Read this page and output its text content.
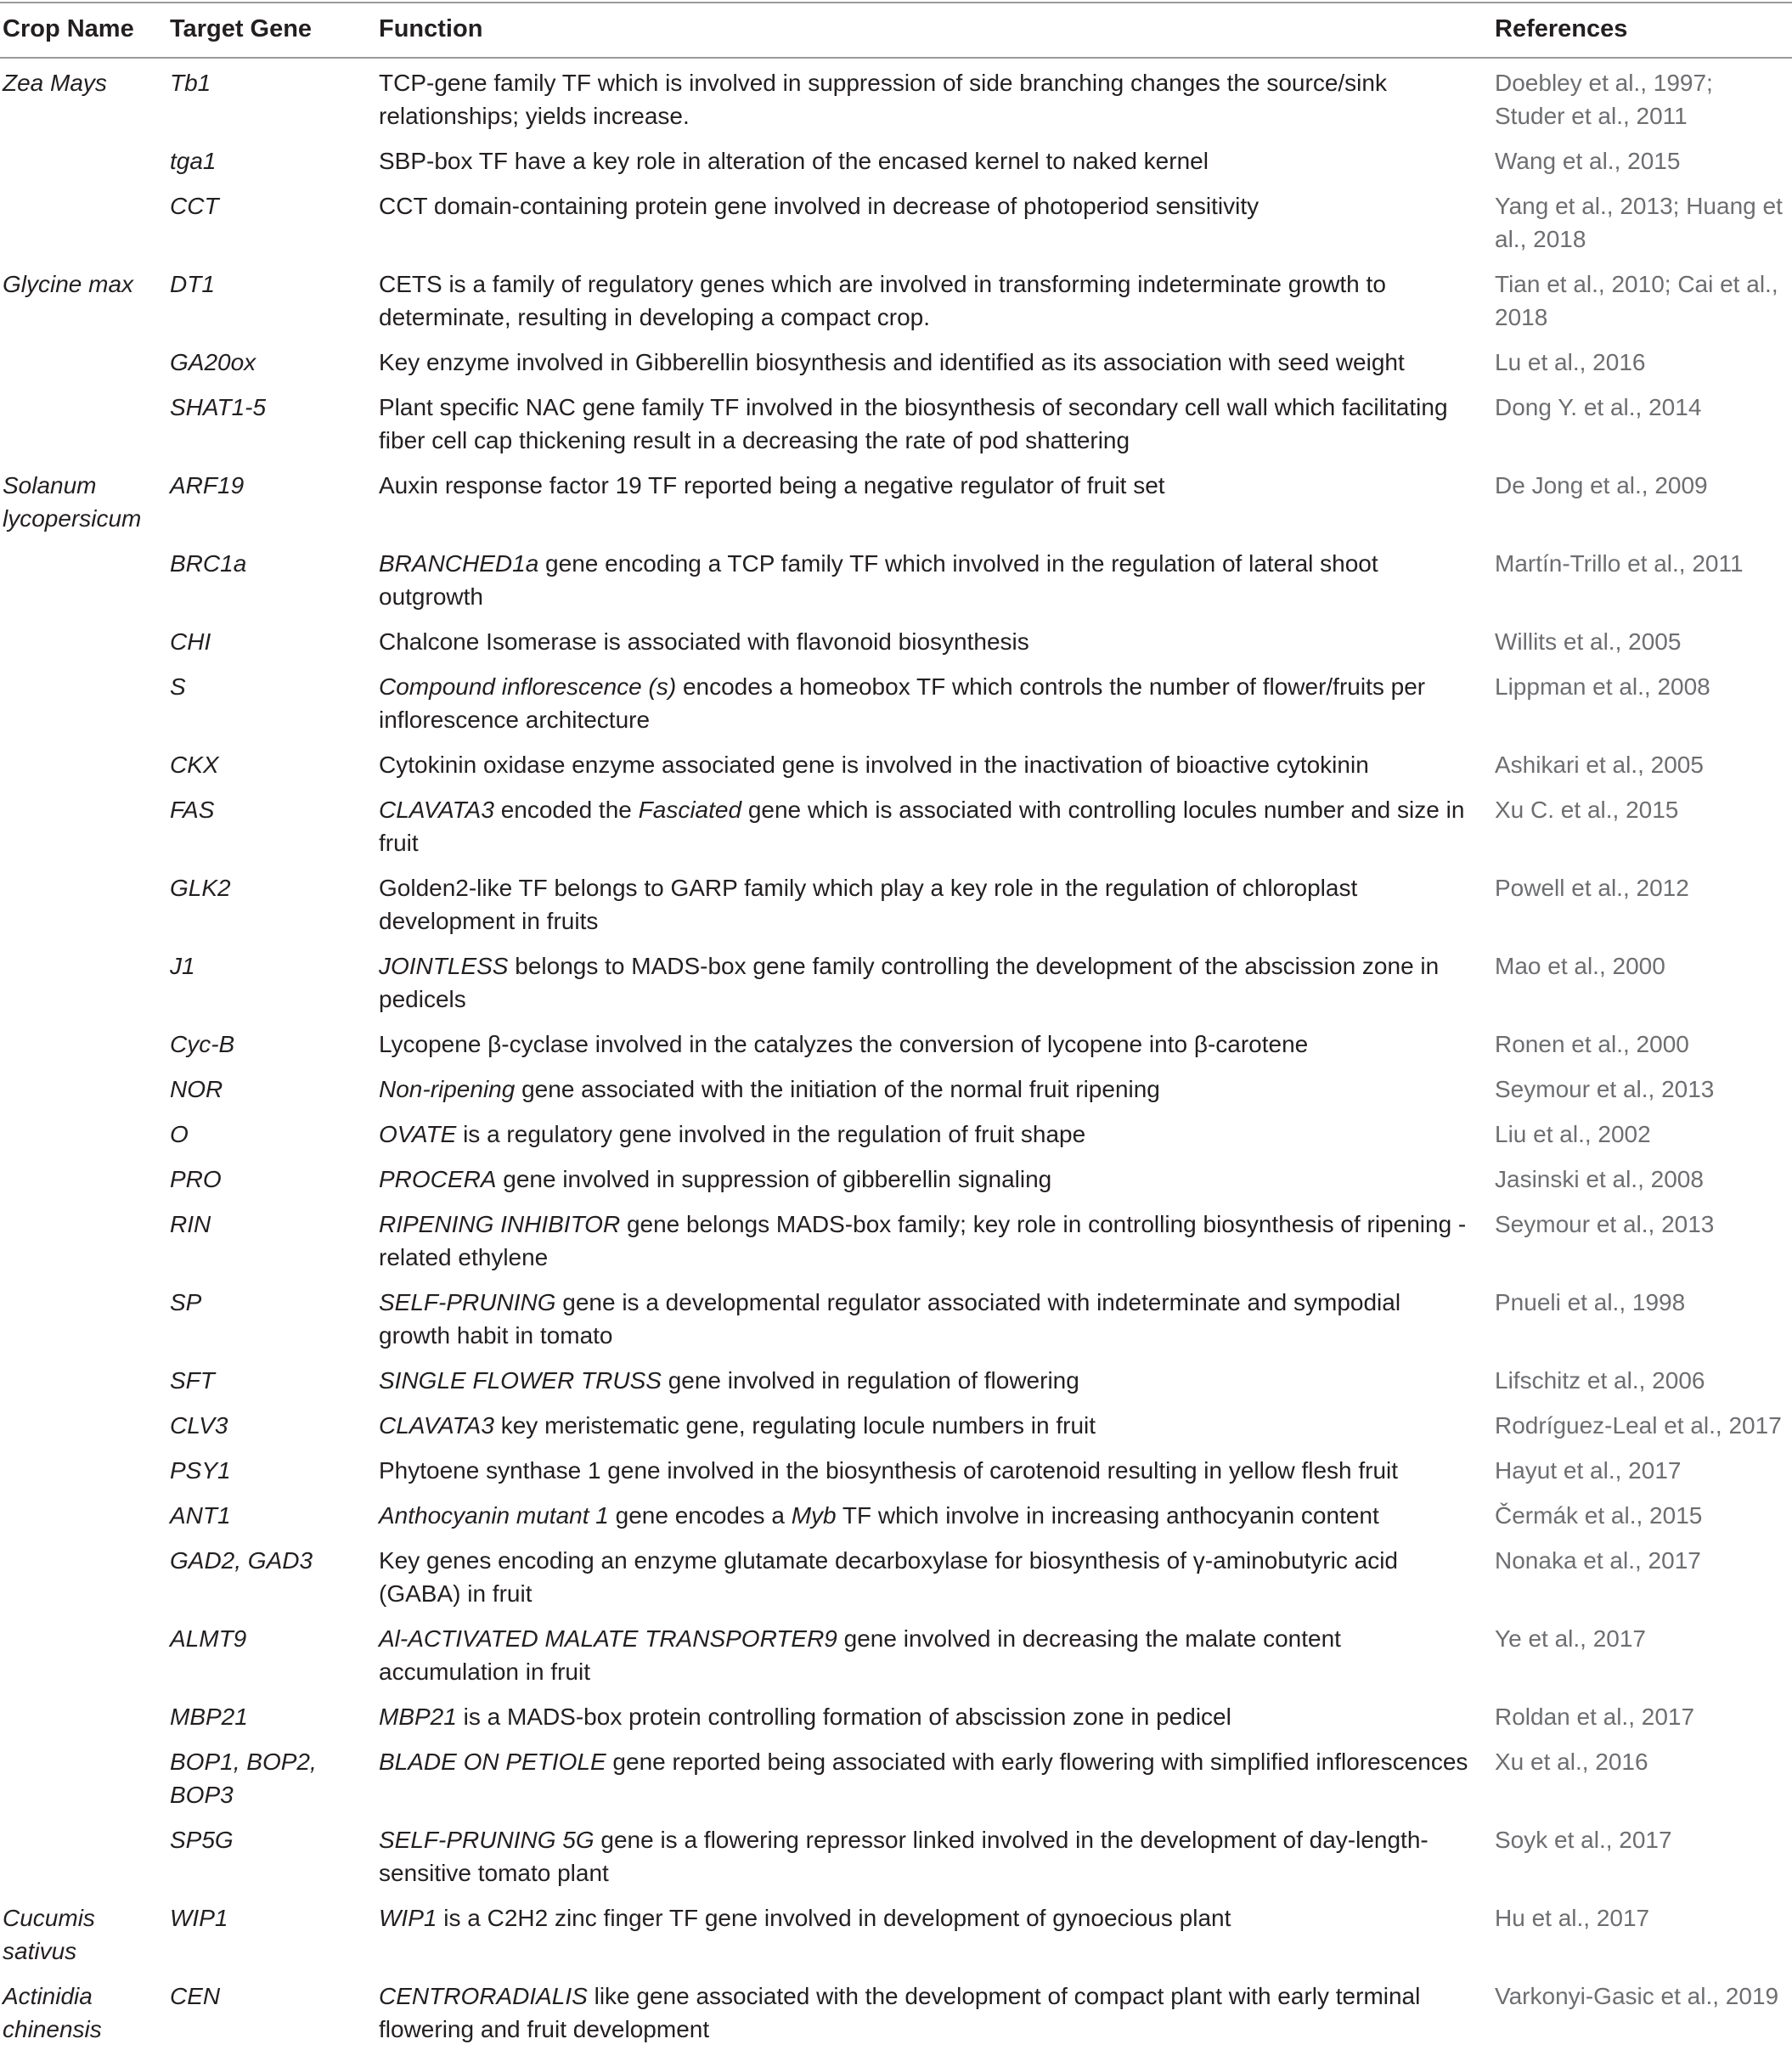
Crop Name	Target Gene	Function	References
Zea Mays	Tb1	TCP-gene family TF which is involved in suppression of side branching changes the source/sink relationships; yields increase.	Doebley et al., 1997; Studer et al., 2011
	tga1	SBP-box TF have a key role in alteration of the encased kernel to naked kernel	Wang et al., 2015
	CCT	CCT domain-containing protein gene involved in decrease of photoperiod sensitivity	Yang et al., 2013; Huang et al., 2018
Glycine max	DT1	CETS is a family of regulatory genes which are involved in transforming indeterminate growth to determinate, resulting in developing a compact crop.	Tian et al., 2010; Cai et al., 2018
	GA20ox	Key enzyme involved in Gibberellin biosynthesis and identified as its association with seed weight	Lu et al., 2016
	SHAT1-5	Plant specific NAC gene family TF involved in the biosynthesis of secondary cell wall which facilitating fiber cell cap thickening result in a decreasing the rate of pod shattering	Dong Y. et al., 2014
Solanum lycopersicum	ARF19	Auxin response factor 19 TF reported being a negative regulator of fruit set	De Jong et al., 2009
	BRC1a	BRANCHED1a gene encoding a TCP family TF which involved in the regulation of lateral shoot outgrowth	Martín-Trillo et al., 2011
	CHI	Chalcone Isomerase is associated with flavonoid biosynthesis	Willits et al., 2005
	S	Compound inflorescence (s) encodes a homeobox TF which controls the number of flower/fruits per inflorescence architecture	Lippman et al., 2008
	CKX	Cytokinin oxidase enzyme associated gene is involved in the inactivation of bioactive cytokinin	Ashikari et al., 2005
	FAS	CLAVATA3 encoded the Fasciated gene which is associated with controlling locules number and size in fruit	Xu C. et al., 2015
	GLK2	Golden2-like TF belongs to GARP family which play a key role in the regulation of chloroplast development in fruits	Powell et al., 2012
	J1	JOINTLESS belongs to MADS-box gene family controlling the development of the abscission zone in pedicels	Mao et al., 2000
	Cyc-B	Lycopene β-cyclase involved in the catalyzes the conversion of lycopene into β-carotene	Ronen et al., 2000
	NOR	Non-ripening gene associated with the initiation of the normal fruit ripening	Seymour et al., 2013
	O	OVATE is a regulatory gene involved in the regulation of fruit shape	Liu et al., 2002
	PRO	PROCERA gene involved in suppression of gibberellin signaling	Jasinski et al., 2008
	RIN	RIPENING INHIBITOR gene belongs MADS-box family; key role in controlling biosynthesis of ripening -related ethylene	Seymour et al., 2013
	SP	SELF-PRUNING gene is a developmental regulator associated with indeterminate and sympodial growth habit in tomato	Pnueli et al., 1998
	SFT	SINGLE FLOWER TRUSS gene involved in regulation of flowering	Lifschitz et al., 2006
	CLV3	CLAVATA3 key meristematic gene, regulating locule numbers in fruit	Rodríguez-Leal et al., 2017
	PSY1	Phytoene synthase 1 gene involved in the biosynthesis of carotenoid resulting in yellow flesh fruit	Hayut et al., 2017
	ANT1	Anthocyanin mutant 1 gene encodes a Myb TF which involve in increasing anthocyanin content	Čermák et al., 2015
	GAD2, GAD3	Key genes encoding an enzyme glutamate decarboxylase for biosynthesis of γ-aminobutyric acid (GABA) in fruit	Nonaka et al., 2017
	ALMT9	Al-ACTIVATED MALATE TRANSPORTER9 gene involved in decreasing the malate content accumulation in fruit	Ye et al., 2017
	MBP21	MBP21 is a MADS-box protein controlling formation of abscission zone in pedicel	Roldan et al., 2017
	BOP1, BOP2, BOP3	BLADE ON PETIOLE gene reported being associated with early flowering with simplified inflorescences	Xu et al., 2016
	SP5G	SELF-PRUNING 5G gene is a flowering repressor linked involved in the development of day-length-sensitive tomato plant	Soyk et al., 2017
Cucumis sativus	WIP1	WIP1 is a C2H2 zinc finger TF gene involved in development of gynoecious plant	Hu et al., 2017
Actinidia chinensis	CEN	CENTRORADIALIS like gene associated with the development of compact plant with early terminal flowering and fruit development	Varkonyi-Gasic et al., 2019
